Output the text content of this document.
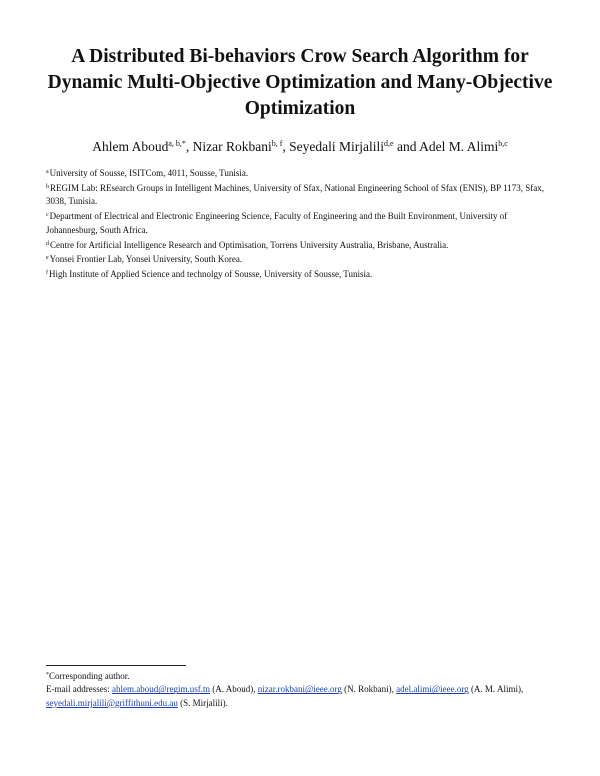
A Distributed Bi-behaviors Crow Search Algorithm for
Dynamic Multi-Objective Optimization and Many-Objective
Optimization
Ahlem Aboud$^{a, b,*}$, Nizar Rokbani$^{b, f}$, Seyedali Mirjalili$^{d,e}$ and Adel M. Alimi$^{b,c}$
$^a$University of Sousse, ISITCom, 4011, Sousse, Tunisia.
$^b$REGIM Lab: REsearch Groups in Intelligent Machines, University of Sfax, National Engineering School of Sfax (ENIS), BP 1173, Sfax, 3038, Tunisia.
$^c$Department of Electrical and Electronic Engineering Science, Faculty of Engineering and the Built Environment, University of Johannesburg, South Africa.
$^d$Centre for Artificial Intelligence Research and Optimisation, Torrens University Australia, Brisbane, Australia.
$^e$Yonsei Frontier Lab, Yonsei University, South Korea.
$^f$High Institute of Applied Science and technolgy of Sousse, University of Sousse, Tunisia.
*Corresponding author.
E-mail addresses: ahlem.aboud@regim.usf.tn (A. Aboud), nizar.rokbani@ieee.org (N. Rokbani), adel.alimi@ieee.org (A. M. Alimi), seyedali.mirjalili@griffithuni.edu.au (S. Mirjalili).
